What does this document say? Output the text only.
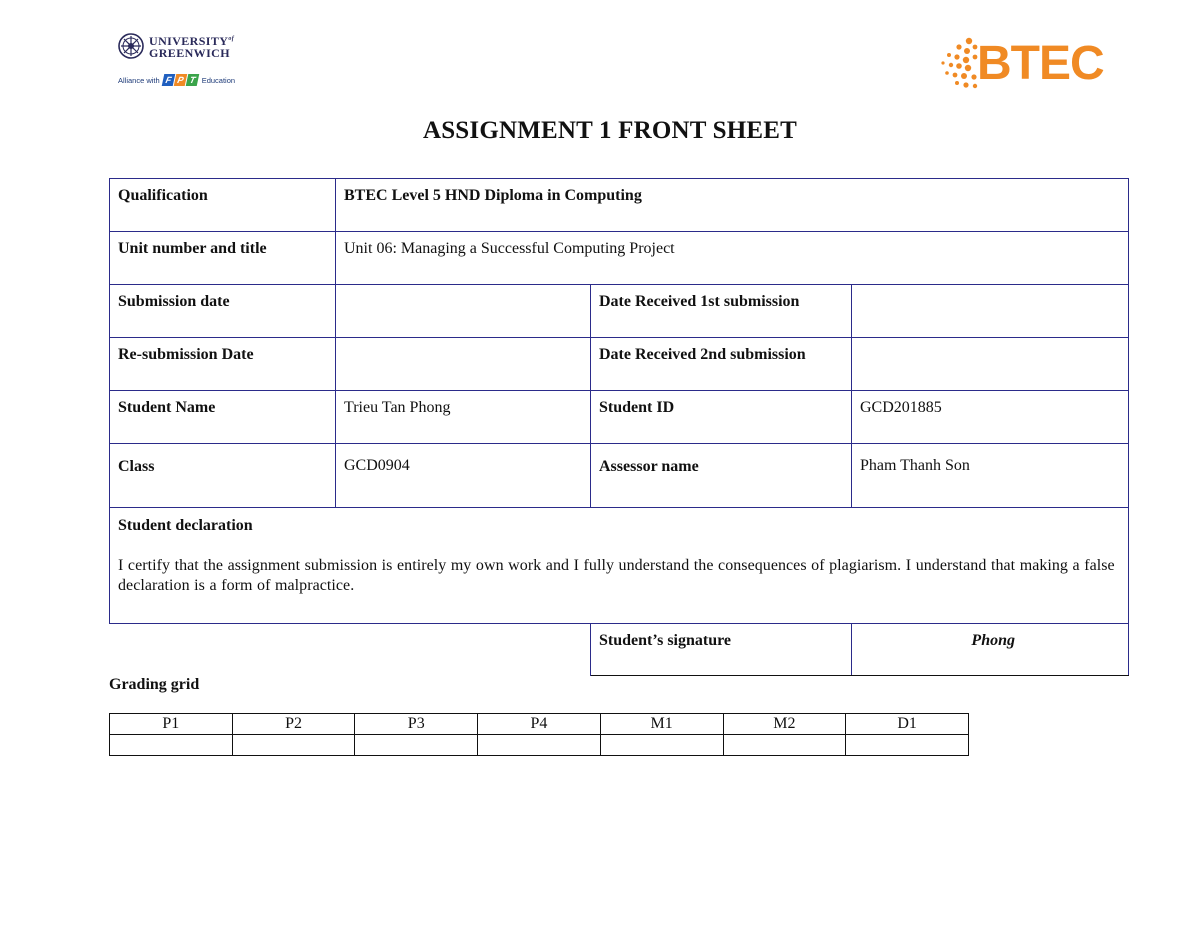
$UNIVERSITY^{of}$
GREENWICH
Alliance with F P T Education	BTEC
ASSIGNMENT 1 FRONT SHEET
Qualification	BTEC Level 5 HND Diploma in Computing		
Unit number and title	Unit 06: Managing a Successful Computing Project		
Submission date		Date Received 1st submission	
Re-submission Date		Date Received 2nd submission	
Student Name	Trieu Tan Phong	Student ID	GCD201885
Class	GCD0904	Assessor name	Pham Thanh Son

Student declaration
I certify that the assignment submission is entirely my own work and I fully understand the consequences of plagiarism. I understand that making a false declaration is a form of malpractice.			

		Student’s signature	Phong
Grading grid
P1	P2	P3	P4	M1	M2	D1
